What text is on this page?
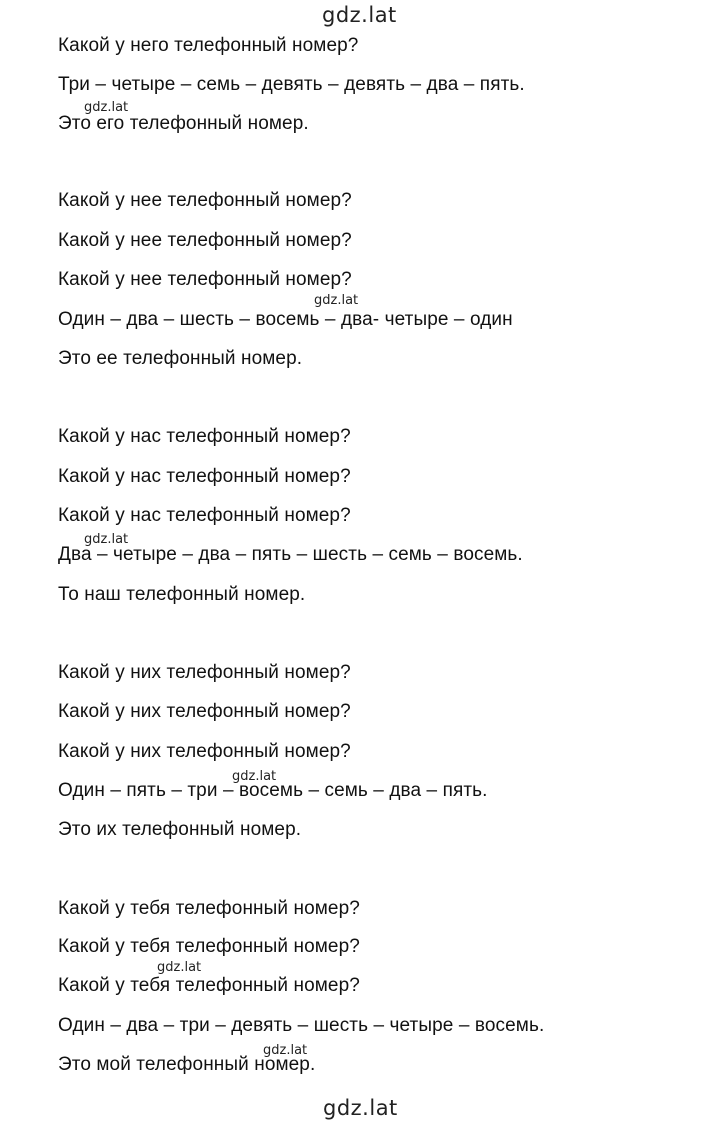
gdz.lat
gdz.lat
gdz.lat
gdz.lat
gdz.lat
gdz.lat
gdz.lat
gdz.lat
Какой у него телефонный номер?
Три – четыре – семь – девять – девять – два – пять.
Это его телефонный номер.
Какой у нее телефонный номер?
Какой у нее телефонный номер?
Какой у нее телефонный номер?
Один – два – шесть – восемь – два- четыре – один
Это ее телефонный номер.
Какой у нас телефонный номер?
Какой у нас телефонный номер?
Какой у нас телефонный номер?
Два – четыре – два – пять – шесть – семь – восемь.
То наш телефонный номер.
Какой у них телефонный номер?
Какой у них телефонный номер?
Какой у них телефонный номер?
Один – пять – три – восемь – семь – два – пять.
Это их телефонный номер.
Какой у тебя телефонный номер?
Какой у тебя телефонный номер?
Какой у тебя телефонный номер?
Один – два – три – девять – шесть – четыре – восемь.
Это мой телефонный номер.
